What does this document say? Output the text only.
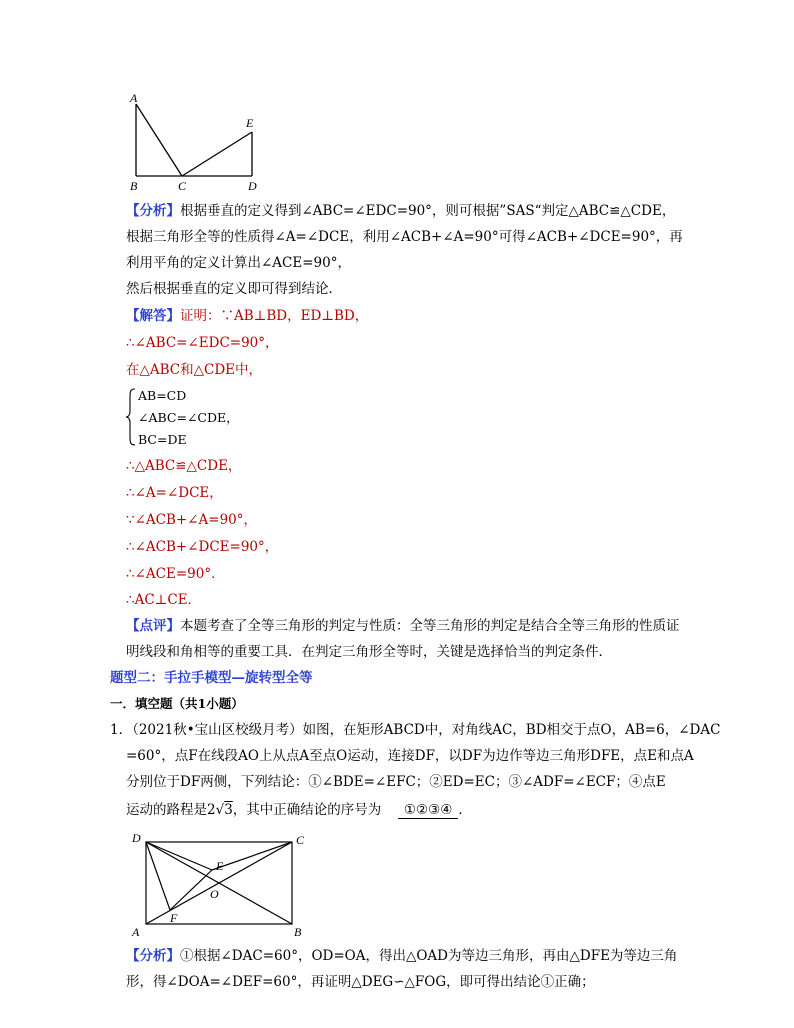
A
E
B	C	D
【分析】根据垂直的定义得到∠ABC=∠EDC=90°，则可根据”SAS“判定△ABC≌△CDE，
根据三角形全等的性质得∠A=∠DCE，利用∠ACB+∠A=90°可得∠ACB+∠DCE=90°，再
利用平角的定义计算出∠ACE=90°，
然后根据垂直的定义即可得到结论．
【解答】证明：∵AB⊥BD，ED⊥BD，
∴∠ABC=∠EDC=90°，
在△ABC和△CDE中，
AB=CD
∠ABC=∠CDE，
BC=DE
∴△ABC≌△CDE，
∴∠A=∠DCE，
∵∠ACB+∠A=90°，
∴∠ACB+∠DCE=90°，
∴∠ACE=90°．
∴AC⊥CE．
【点评】本题考查了全等三角形的判定与性质：全等三角形的判定是结合全等三角形的性质证
明线段和角相等的重要工具．在判定三角形全等时，关键是选择恰当的判定条件．
题型二：手拉手模型—旋转型全等
一．填空题（共1小题）
1．（2021秋•宝山区校级月考）如图，在矩形ABCD中，对角线AC，BD相交于点O，AB=6，∠DAC
=60°，点F在线段AO上从点A至点O运动，连接DF，以DF为边作等边三角形DFE，点E和点A
分别位于DF两侧，下列结论：①∠BDE=∠EFC；②ED=EC；③∠ADF=∠ECF；④点E
运动的路程是2√3，其中正确结论的序号为 ①②③④ ．
D	C
E
O
F
A	B
【分析】①根据∠DAC=60°，OD=OA，得出△OAD为等边三角形，再由△DFE为等边三角
形，得∠DOA=∠DEF=60°，再证明△DEG∽△FOG，即可得出结论①正确；
